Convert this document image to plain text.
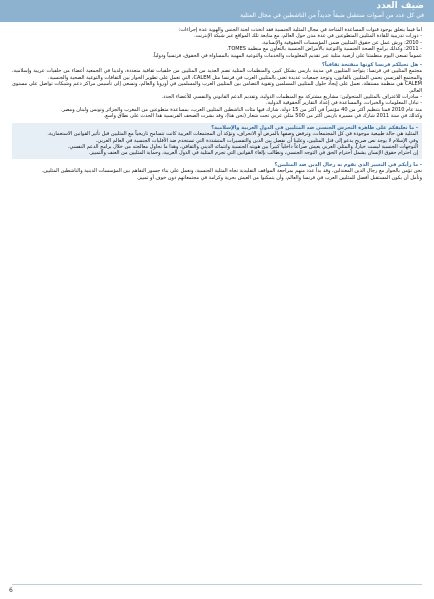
ضيف العدد
في كل عدد من أصوات سنتقبل ضيفاً جديداً من الناشطين في مجال المثلية

أما فيما يتعلق بوجود قنوات المساعدة المتاحة في مجال المثلية الجنسية فقد اتخذت لجنة الجنس والهوية عدة إجراءات:

- دورات تدريبية للقادة المثليين المتطوعين في عدة مدن حول العالم، مع متابعة تلك المواقع عبر شبكة الإنترنت.

- 2010: ورش عمل عن حقوق المثليين ضمن المؤسسات الحقوقية والإنسانية.

- 2011: وكذلك برامج الصحة الجنسية والتوعية بالأمراض الجنسية بالتعاون مع منظمة TOMES.

عموماً تسعى اليوم منظمتنا على أرضية مثلية عبر تقديم المعلومات والخدمات والتوعية المهنية بالمساواة في الحقوق، فرنسياً ودولياً.

- هل تحيلكم فرنسا كونها منفتحة ثقافياً؟

مجتمع المثليين في فرنسا: يتواجد المثليون في مدينة باريس بشكل كبير، والمنظمات المثلية تضم العديد من المثليين من خلفيات ثقافية متعددة، ولدينا في الجمعية أعضاء من خلفيات عربية وإسلامية، والمجتمع الفرنسي يحمي المثليين بالقانون، وتوجد جمعيات عديدة تعنى بالمثليين العرب في فرنسا مثل CALEM، التي تعمل على تطوير الحوار بين الثقافات والتوعية الصحية والجنسية.

CALEM هي منظمة مستقلة، نعمل على إيجاد حلول للمثليين المسلمين وتقوية التضامن بين المثليين العرب والمسلمين في أوروبا والعالم، وتسعى إلى تأسيس مراكز دعم وشبكات تواصل على مستوى العالم.

- مبادرات للاعتراف بالمثليين المتحولين: مشاريع مشتركة مع المنظمات الدولية، وتقديم الدعم القانوني والنفسي للأعضاء الجدد.

- تبادل المعلومات والخبرات، والمساعدة في إعداد التقارير الحقوقية الدولية.

منذ عام 2010 قمنا بتنظيم أكثر من 40 مؤتمراً في أكثر من 15 دولة، شارك فيها مئات الناشطين المثليين العرب، بمساعدة متطوعين من المغرب والجزائر وتونس ولبنان ومصر.

وكذلك في سنة 2011 شارك في مسيرة باريس أكثر من 500 مثلي عربي تحت شعار (نحن هنا)، وقد نشرت الصحف الفرنسية هذا الحدث على نطاق واسع.

- ما تعليقكم على ظاهرة التحرش الجنسي ضد المثليين في الدول العربية والإسلامية؟

المثلية هي حالة طبيعية موجودة في كل المجتمعات، ونرفض وصفها بالمرض أو الانحراف، ونؤكد أن المجتمعات العربية كانت تتسامح تاريخياً مع المثليين قبل تأثير القوانين الاستعمارية.

وفي الإسلام لا يوجد نص صريح يدعو إلى قتل المثليين، وعلينا أن نفصل بين الدين والتفسيرات المتشددة التي تستخدم ضد الأقليات الجنسية في العالم العربي.

التوجهات الجنسية ليست خياراً، والمثلي العربي يعيش صراعاً داخلياً كبيراً بين هويته الجنسية وانتمائه الديني والثقافي، وهذا ما نحاول معالجته من خلال برامج الدعم النفسي.

إن احترام حقوق الإنسان يشمل احترام الحق في التوجه الجنسي، ونطالب بإلغاء القوانين التي تجرم المثلية في الدول العربية، وحماية المثليين من العنف والتمييز.

- ما رأيكم في التغيير الذي يقوم به رجال الدين ضد المثليين؟

نحن نؤمن بالحوار مع رجال الدين المعتدلين، وقد بدأ عدد منهم بمراجعة المواقف التقليدية تجاه المثلية الجنسية، ونعمل على بناء جسور التفاهم بين المؤسسات الدينية والناشطين المثليين.

ونأمل أن يكون المستقبل أفضل للمثليين العرب في فرنسا والعالم، وأن يتمكنوا من العيش بحرية وكرامة في مجتمعاتهم دون خوف أو تمييز.

6
